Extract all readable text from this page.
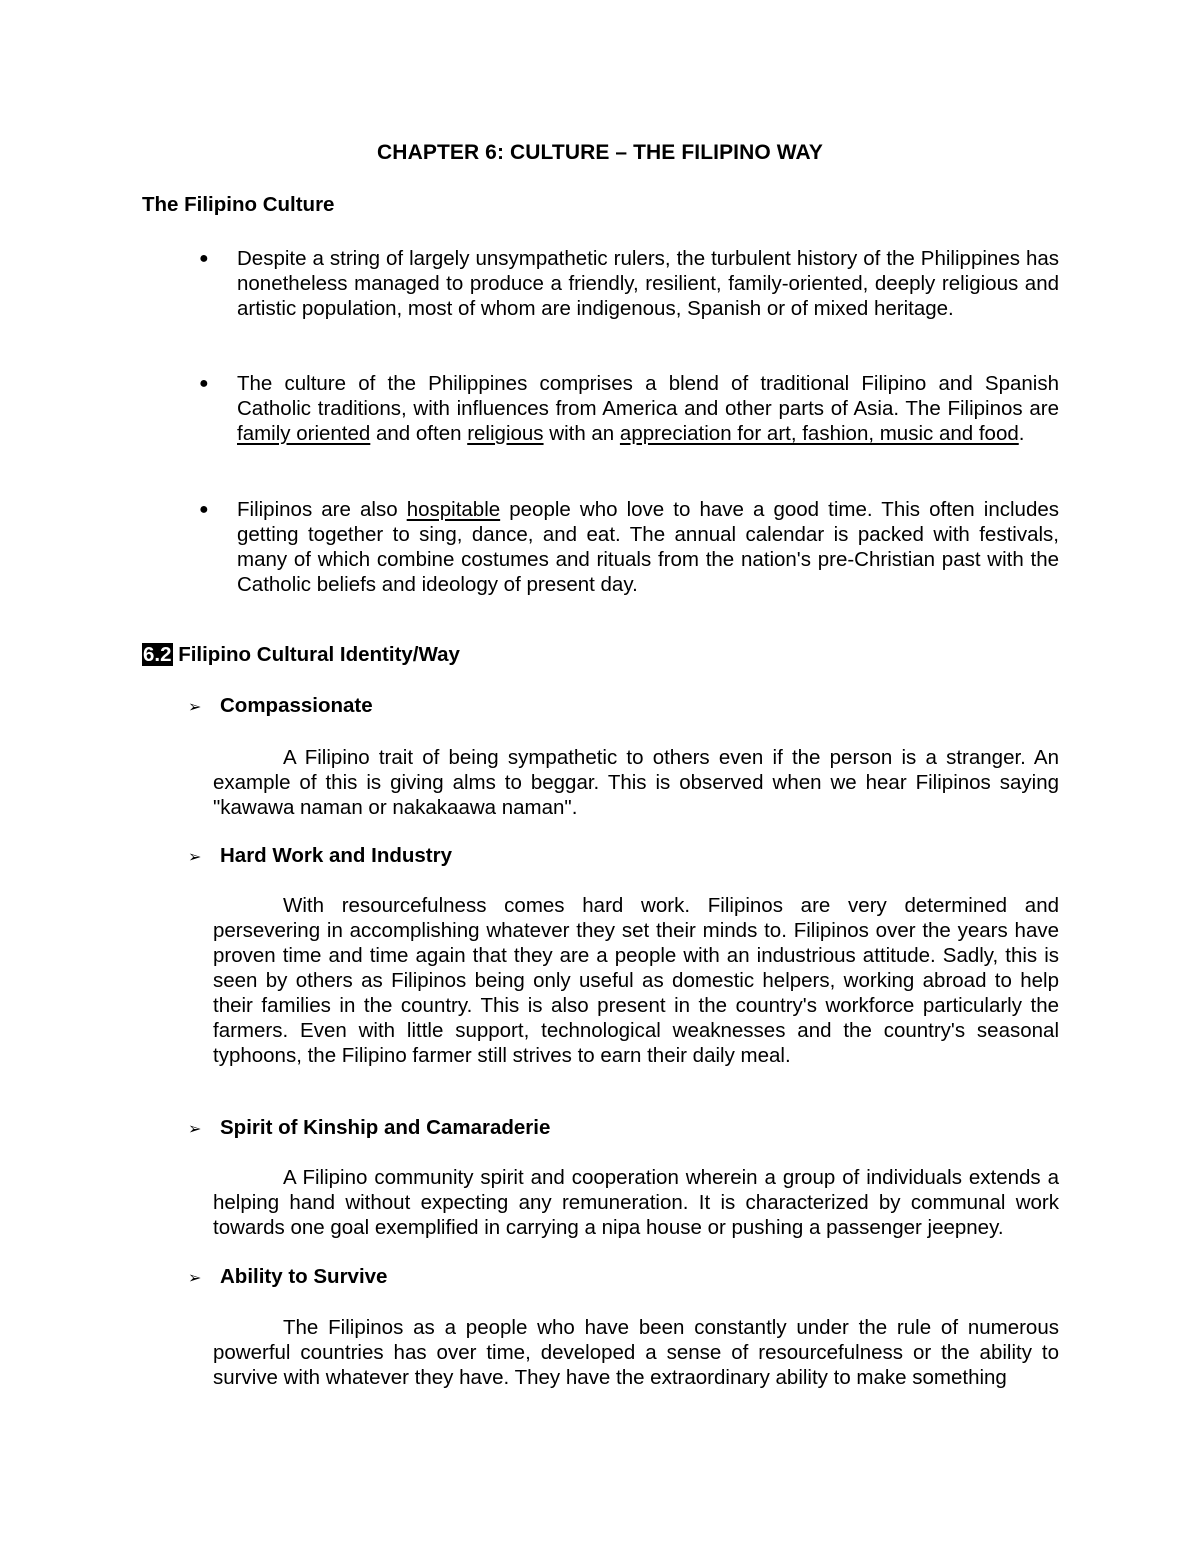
CHAPTER 6: CULTURE – THE FILIPINO WAY
The Filipino Culture
● Despite a string of largely unsympathetic rulers, the turbulent history of the Philippines has nonetheless managed to produce a friendly, resilient, family-oriented, deeply religious and artistic population, most of whom are indigenous, Spanish or of mixed heritage.
● The culture of the Philippines comprises a blend of traditional Filipino and Spanish Catholic traditions, with influences from America and other parts of Asia. The Filipinos are family oriented and often religious with an appreciation for art, fashion, music and food.
● Filipinos are also hospitable people who love to have a good time. This often includes getting together to sing, dance, and eat. The annual calendar is packed with festivals, many of which combine costumes and rituals from the nation's pre-Christian past with the Catholic beliefs and ideology of present day.
6.2 Filipino Cultural Identity/Way
➢ Compassionate
A Filipino trait of being sympathetic to others even if the person is a stranger. An example of this is giving alms to beggar. This is observed when we hear Filipinos saying "kawawa naman or nakakaawa naman".
➢ Hard Work and Industry
With resourcefulness comes hard work. Filipinos are very determined and persevering in accomplishing whatever they set their minds to. Filipinos over the years have proven time and time again that they are a people with an industrious attitude. Sadly, this is seen by others as Filipinos being only useful as domestic helpers, working abroad to help their families in the country. This is also present in the country's workforce particularly the farmers. Even with little support, technological weaknesses and the country's seasonal typhoons, the Filipino farmer still strives to earn their daily meal.
➢ Spirit of Kinship and Camaraderie
A Filipino community spirit and cooperation wherein a group of individuals extends a helping hand without expecting any remuneration. It is characterized by communal work towards one goal exemplified in carrying a nipa house or pushing a passenger jeepney.
➢ Ability to Survive
The Filipinos as a people who have been constantly under the rule of numerous powerful countries has over time, developed a sense of resourcefulness or the ability to survive with whatever they have. They have the extraordinary ability to make something
